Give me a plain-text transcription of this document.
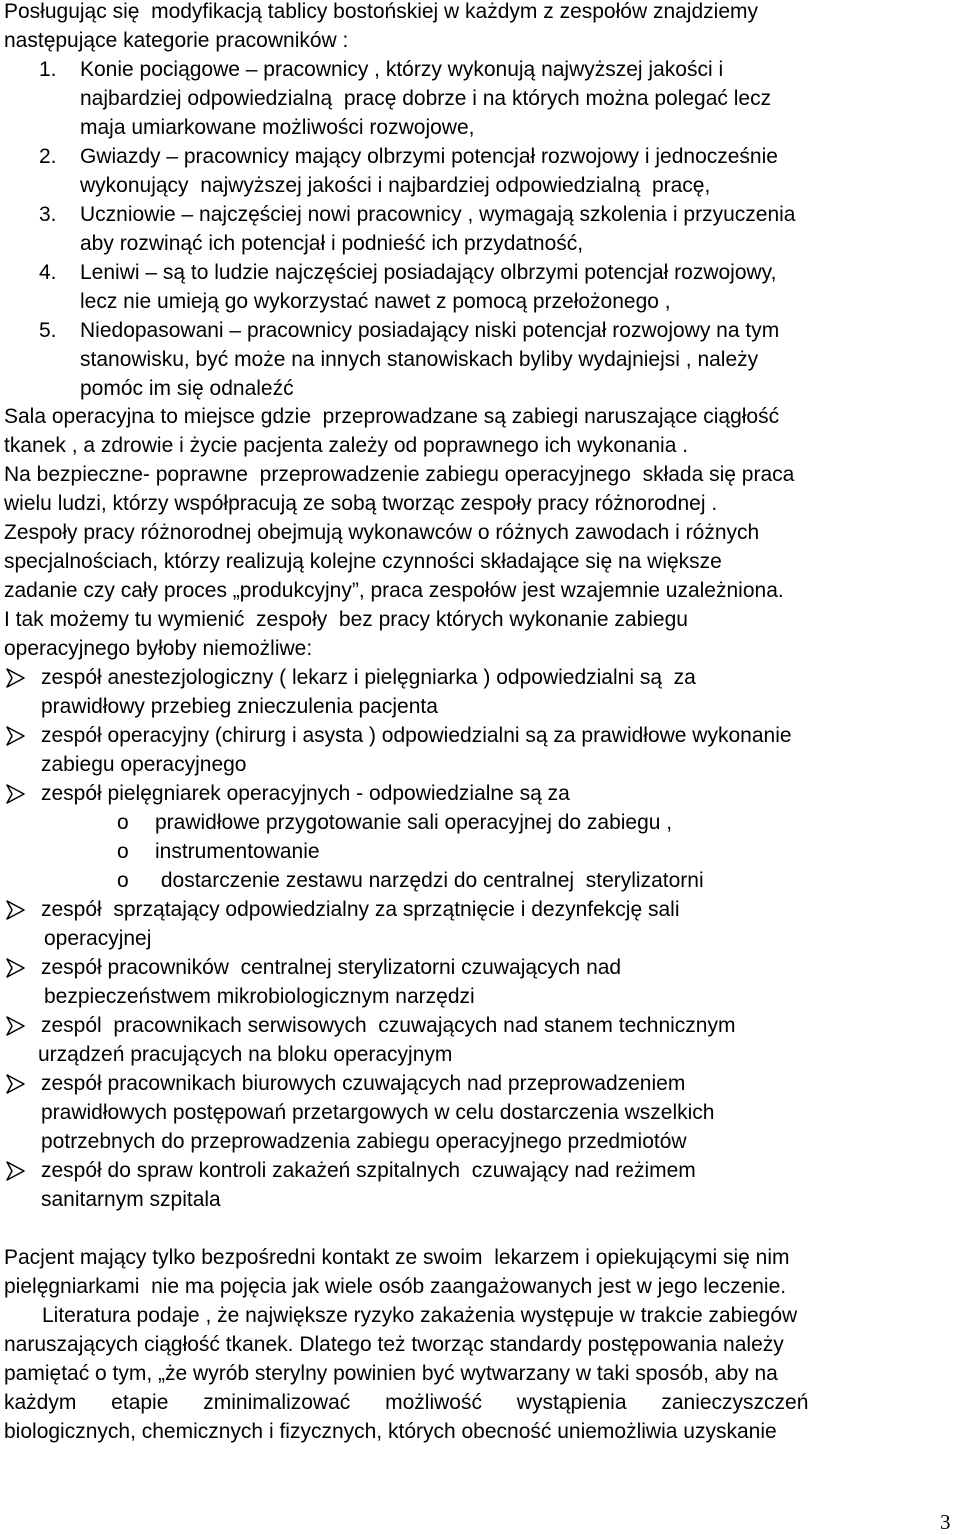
Posługując się  modyfikacją tablicy bostońskiej w każdym z zespołów znajdziemy
następujące kategorie pracowników :
1. Konie pociągowe – pracownicy , którzy wykonują najwyższej jakości i
najbardziej odpowiedzialną  pracę dobrze i na których można polegać lecz
maja umiarkowane możliwości rozwojowe,
2. Gwiazdy – pracownicy mający olbrzymi potencjał rozwojowy i jednocześnie
wykonujący  najwyższej jakości i najbardziej odpowiedzialną  pracę,
3. Uczniowie – najczęściej nowi pracownicy , wymagają szkolenia i przyuczenia
aby rozwinąć ich potencjał i podnieść ich przydatność,
4. Leniwi – są to ludzie najczęściej posiadający olbrzymi potencjał rozwojowy,
lecz nie umieją go wykorzystać nawet z pomocą przełożonego ,
5. Niedopasowani – pracownicy posiadający niski potencjał rozwojowy na tym
stanowisku, być może na innych stanowiskach byliby wydajniejsi , należy
pomóc im się odnaleźć
Sala operacyjna to miejsce gdzie  przeprowadzane są zabiegi naruszające ciągłość
tkanek , a zdrowie i życie pacjenta zależy od poprawnego ich wykonania .
Na bezpieczne- poprawne  przeprowadzenie zabiegu operacyjnego  składa się praca
wielu ludzi, którzy współpracują ze sobą tworząc zespoły pracy różnorodnej .
Zespoły pracy różnorodnej obejmują wykonawców o różnych zawodach i różnych
specjalnościach, którzy realizują kolejne czynności składające się na większe
zadanie czy cały proces „produkcyjny”, praca zespołów jest wzajemnie uzależniona.
I tak możemy tu wymienić  zespoły  bez pracy których wykonanie zabiegu
operacyjnego byłoby niemożliwe:
zespół anestezjologiczny ( lekarz i pielęgniarka ) odpowiedzialni są  za
prawidłowy przebieg znieczulenia pacjenta
zespół operacyjny (chirurg i asysta ) odpowiedzialni są za prawidłowe wykonanie
zabiegu operacyjnego
zespół pielęgniarek operacyjnych - odpowiedzialne są za
o prawidłowe przygotowanie sali operacyjnej do zabiegu ,
o instrumentowanie
o dostarczenie zestawu narzędzi do centralnej  sterylizatorni
zespół  sprzątający odpowiedzialny za sprzątnięcie i dezynfekcję sali
operacyjnej
zespół pracowników  centralnej sterylizatorni czuwających nad
bezpieczeństwem mikrobiologicznym narzędzi
zespól  pracownikach serwisowych  czuwających nad stanem technicznym
urządzeń pracujących na bloku operacyjnym
zespół pracownikach biurowych czuwających nad przeprowadzeniem
prawidłowych postępowań przetargowych w celu dostarczenia wszelkich
potrzebnych do przeprowadzenia zabiegu operacyjnego przedmiotów
zespół do spraw kontroli zakażeń szpitalnych  czuwający nad reżimem
sanitarnym szpitala
Pacjent mający tylko bezpośredni kontakt ze swoim  lekarzem i opiekującymi się nim
pielęgniarkami  nie ma pojęcia jak wiele osób zaangażowanych jest w jego leczenie.
Literatura podaje , że największe ryzyko zakażenia występuje w trakcie zabiegów
naruszających ciągłość tkanek. Dlatego też tworząc standardy postępowania należy
pamiętać o tym, „że wyrób sterylny powinien być wytwarzany w taki sposób, aby na
każdym etapie zminimalizować możliwość wystąpienia zanieczyszczeń
biologicznych, chemicznych i fizycznych, których obecność uniemożliwia uzyskanie
3
